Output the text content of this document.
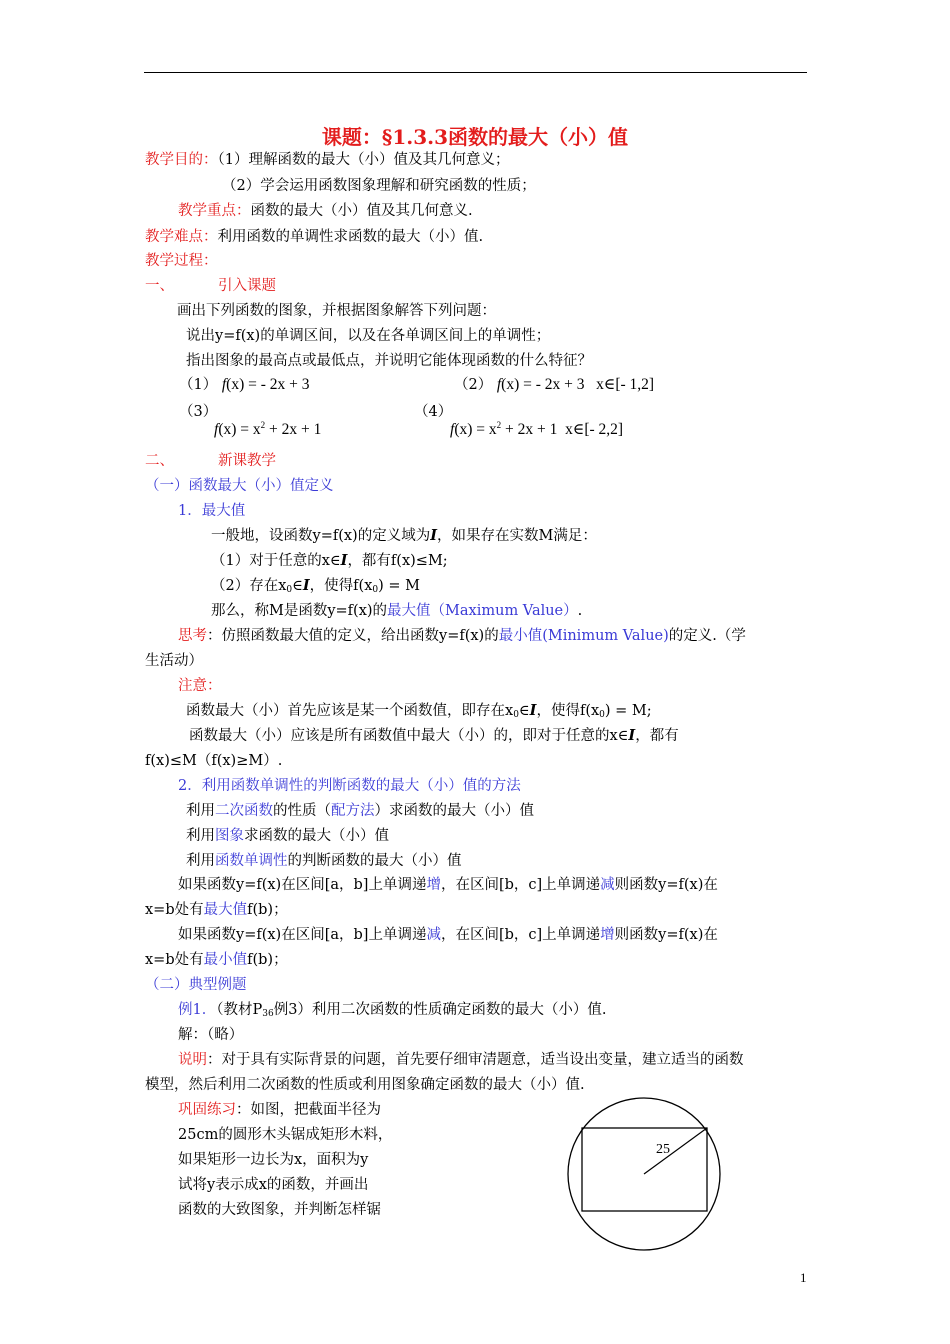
课题：§1.3.3函数的最大（小）值
教学目的：（1）理解函数的最大（小）值及其几何意义；
（2）学会运用函数图象理解和研究函数的性质；
教学重点：函数的最大（小）值及其几何意义.
教学难点：利用函数的单调性求函数的最大（小）值.
教学过程：
一、	引入课题
画出下列函数的图象，并根据图象解答下列问题：
说出y=f(x)的单调区间，以及在各单调区间上的单调性；
指出图象的最高点或最低点，并说明它能体现函数的什么特征？
（1） f(x) = - 2x + 3	（2） f(x) = - 2x + 3 x∈[- 1,2]
（3）
$f(x) = x^2 + 2x + 1$
（4）
$f(x) = x^2 + 2x + 1$ x∈[- 2,2]
二、	新课教学
（一）函数最大（小）值定义
1．最大值
一般地，设函数y=f(x)的定义域为I，如果存在实数M满足：
（1）对于任意的x∈I，都有f(x)≤M;
（2）存在$x_0\in I$，使得$f(x_0) = M$
那么，称M是函数y=f(x)的最大值（Maximum Value）.
思考：仿照函数最大值的定义，给出函数y=f(x)的最小值(Minimum Value)的定义.（学
生活动）
注意：
函数最大（小）首先应该是某一个函数值，即存在$x_0\in I$，使得$f(x_0) = M$;
函数最大（小）应该是所有函数值中最大（小）的，即对于任意的x∈I，都有
f(x)≤M（f(x)≥M）.
2．利用函数单调性的判断函数的最大（小）值的方法
利用二次函数的性质（配方法）求函数的最大（小）值
利用图象求函数的最大（小）值
利用函数单调性的判断函数的最大（小）值
如果函数y=f(x)在区间[a，b]上单调递增，在区间[b，c]上单调递减则函数y=f(x)在
x=b处有最大值f(b)；
如果函数y=f(x)在区间[a，b]上单调递减，在区间[b，c]上单调递增则函数y=f(x)在
x=b处有最小值f(b)；
（二）典型例题
例1．（教材$P_{36}$例3）利用二次函数的性质确定函数的最大（小）值.
解：（略）
说明：对于具有实际背景的问题，首先要仔细审清题意，适当设出变量，建立适当的函数
模型，然后利用二次函数的性质或利用图象确定函数的最大（小）值.
巩固练习：如图，把截面半径为
25cm的圆形木头锯成矩形木料，
如果矩形一边长为x，面积为y
试将y表示成x的函数，并画出
函数的大致图象，并判断怎样锯
25
1
